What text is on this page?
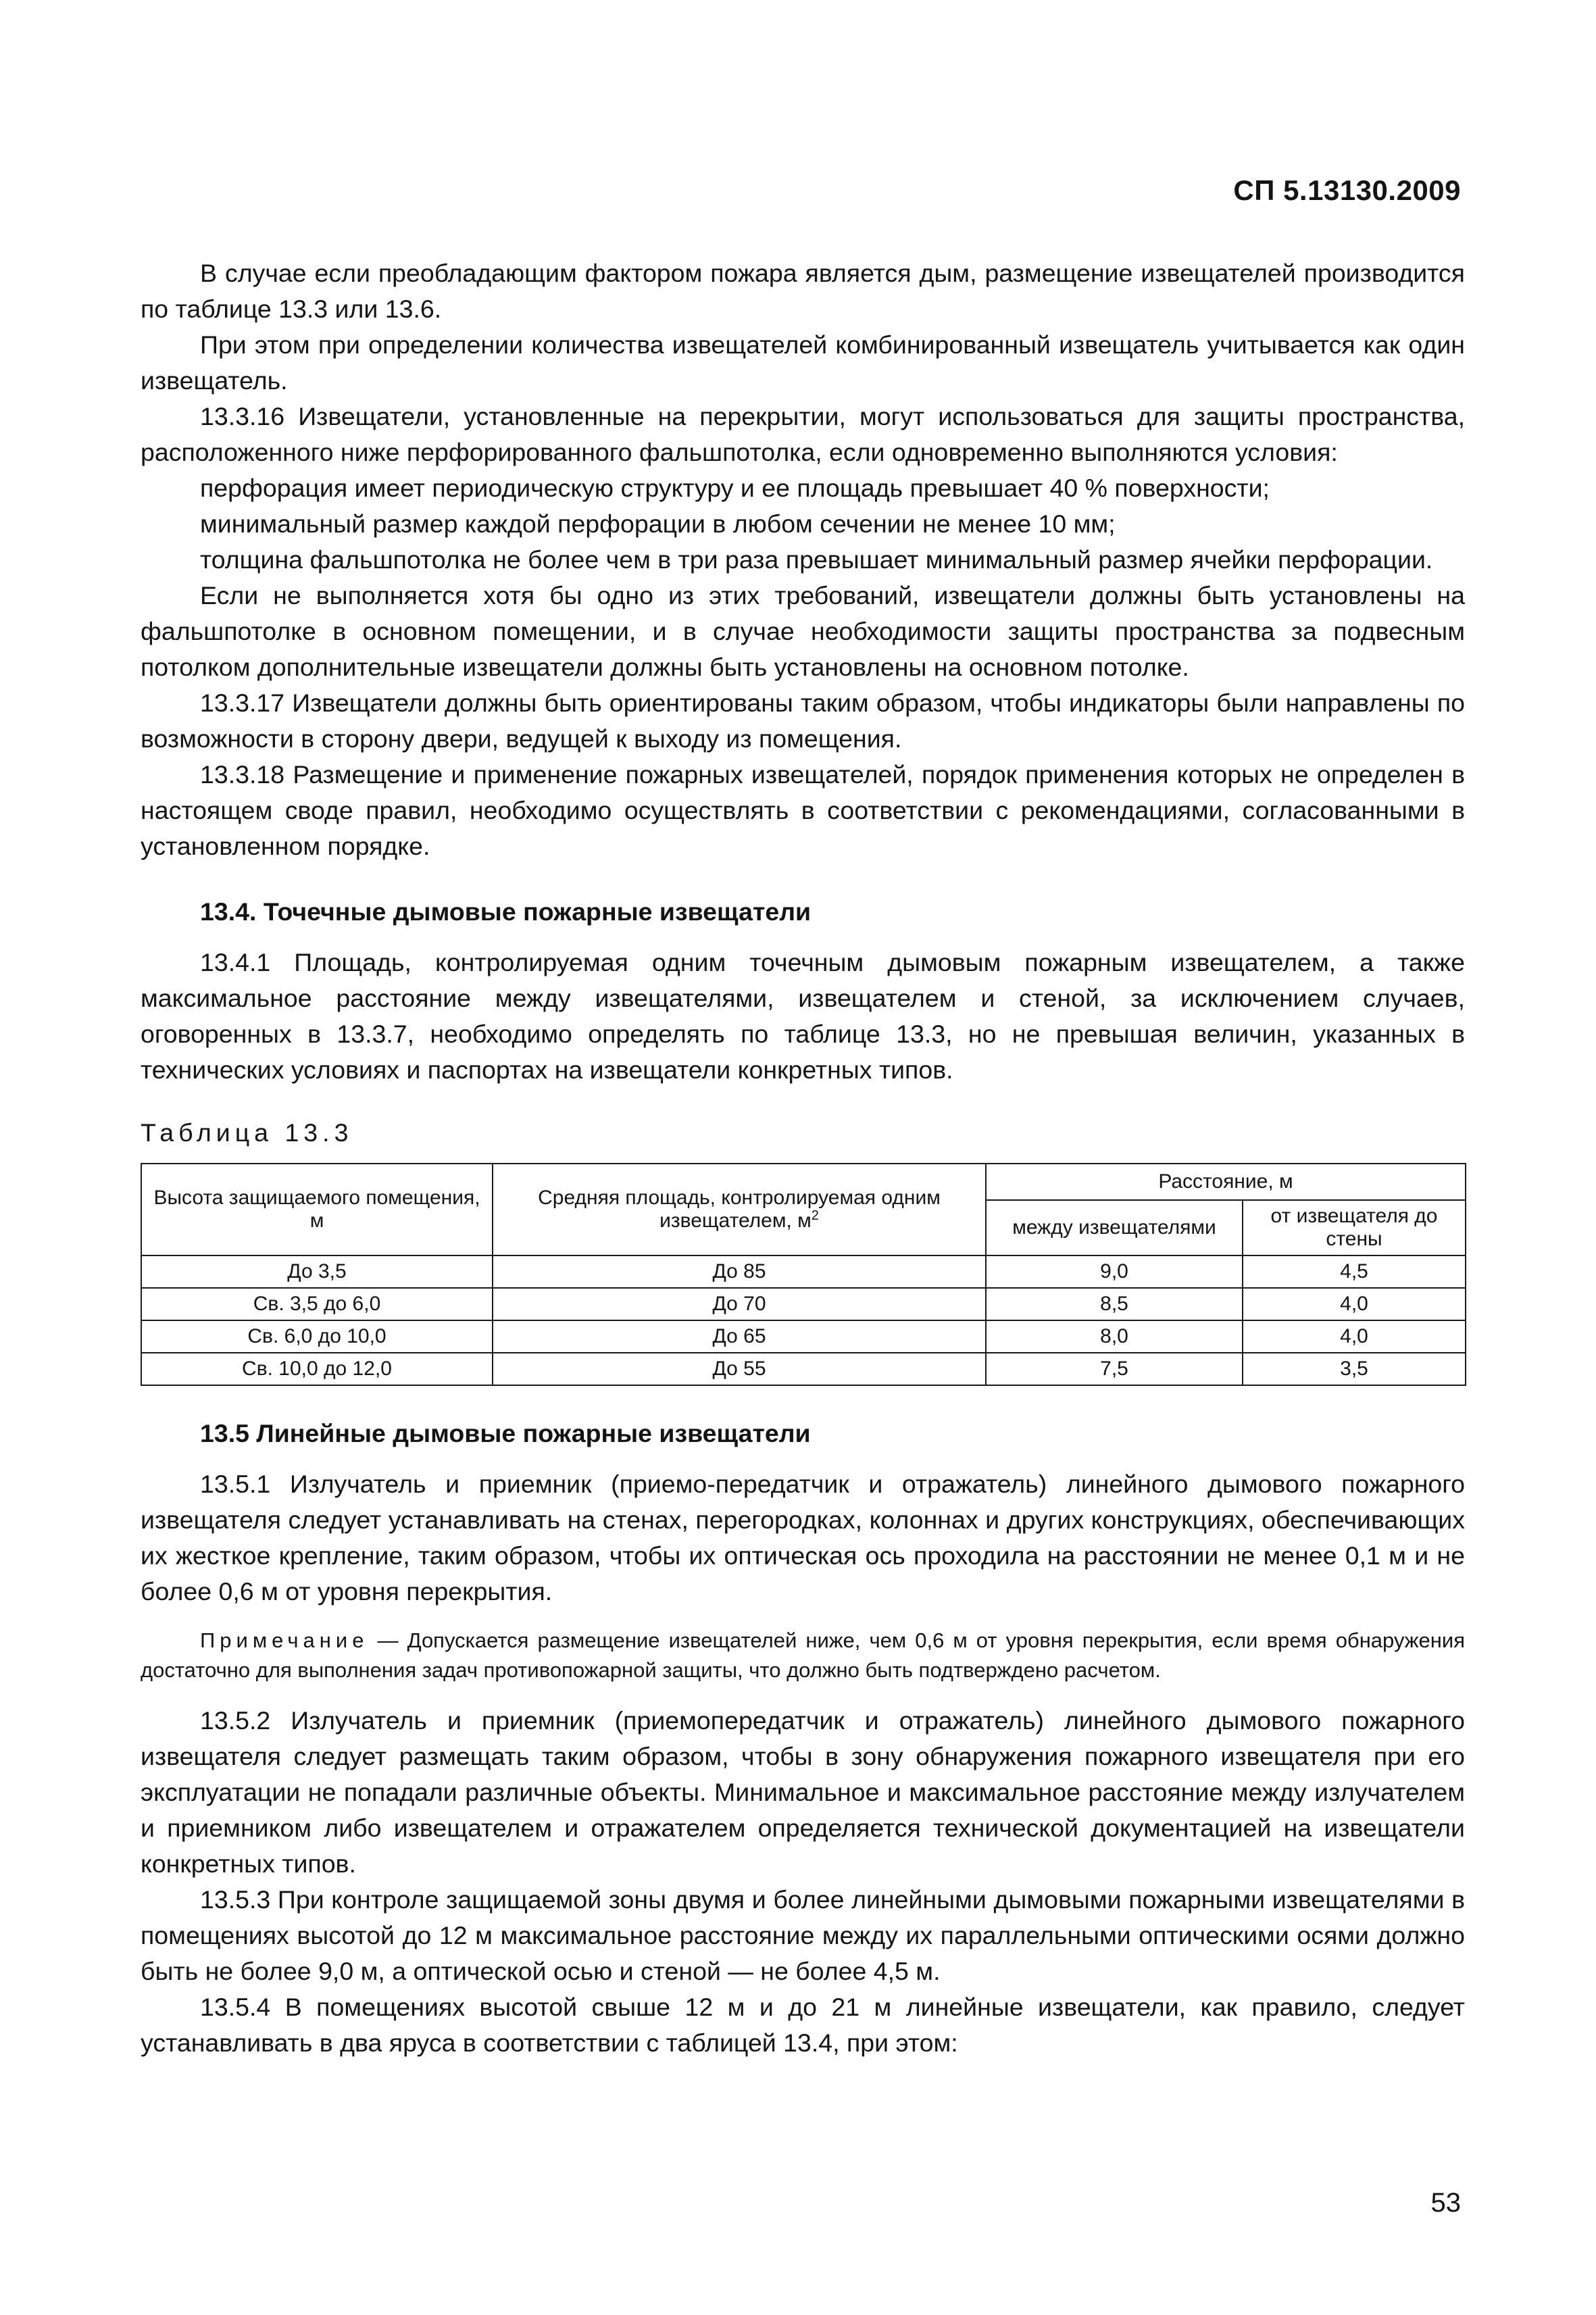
СП 5.13130.2009

В случае если преобладающим фактором пожара является дым, размещение извещателей производится по таблице 13.3 или 13.6.

При этом при определении количества извещателей комбинированный извещатель учитывается как один извещатель.

13.3.16 Извещатели, установленные на перекрытии, могут использоваться для защиты пространства, расположенного ниже перфорированного фальшпотолка, если одновременно выполняются условия:

перфорация имеет периодическую структуру и ее площадь превышает 40 % поверхности;

минимальный размер каждой перфорации в любом сечении не менее 10 мм;

толщина фальшпотолка не более чем в три раза превышает минимальный размер ячейки перфорации.

Если не выполняется хотя бы одно из этих требований, извещатели должны быть установлены на фальшпотолке в основном помещении, и в случае необходимости защиты пространства за подвесным потолком дополнительные извещатели должны быть установлены на основном потолке.

13.3.17 Извещатели должны быть ориентированы таким образом, чтобы индикаторы были направлены по возможности в сторону двери, ведущей к выходу из помещения.

13.3.18 Размещение и применение пожарных извещателей, порядок применения которых не определен в настоящем своде правил, необходимо осуществлять в соответствии с рекомендациями, согласованными в установленном порядке.

13.4. Точечные дымовые пожарные извещатели

13.4.1 Площадь, контролируемая одним точечным дымовым пожарным извещателем, а также максимальное расстояние между извещателями, извещателем и стеной, за исключением случаев, оговоренных в 13.3.7, необходимо определять по таблице 13.3, но не превышая величин, указанных в технических условиях и паспортах на извещатели конкретных типов.

Таблица 13.3

Высота защищаемого помещения, м	Средняя площадь, контролируемая одним извещателем, $м^2$	Расстояние, м	
		между извещателями	от извещателя до стены
До 3,5	До 85	9,0	4,5
Св. 3,5 до 6,0	До 70	8,5	4,0
Св. 6,0 до 10,0	До 65	8,0	4,0
Св. 10,0 до 12,0	До 55	7,5	3,5

13.5 Линейные дымовые пожарные извещатели

13.5.1 Излучатель и приемник (приемо-передатчик и отражатель) линейного дымового пожарного извещателя следует устанавливать на стенах, перегородках, колоннах и других конструкциях, обеспечивающих их жесткое крепление, таким образом, чтобы их оптическая ось проходила на расстоянии не менее 0,1 м и не более 0,6 м от уровня перекрытия.

Примечание — Допускается размещение извещателей ниже, чем 0,6 м от уровня перекрытия, если время обнаружения достаточно для выполнения задач противопожарной защиты, что должно быть подтверждено расчетом.

13.5.2 Излучатель и приемник (приемопередатчик и отражатель) линейного дымового пожарного извещателя следует размещать таким образом, чтобы в зону обнаружения пожарного извещателя при его эксплуатации не попадали различные объекты. Минимальное и максимальное расстояние между излучателем и приемником либо извещателем и отражателем определяется технической документацией на извещатели конкретных типов.

13.5.3 При контроле защищаемой зоны двумя и более линейными дымовыми пожарными извещателями в помещениях высотой до 12 м максимальное расстояние между их параллельными оптическими осями должно быть не более 9,0 м, а оптической осью и стеной — не более 4,5 м.

13.5.4 В помещениях высотой свыше 12 м и до 21 м линейные извещатели, как правило, следует устанавливать в два яруса в соответствии с таблицей 13.4, при этом:

53
